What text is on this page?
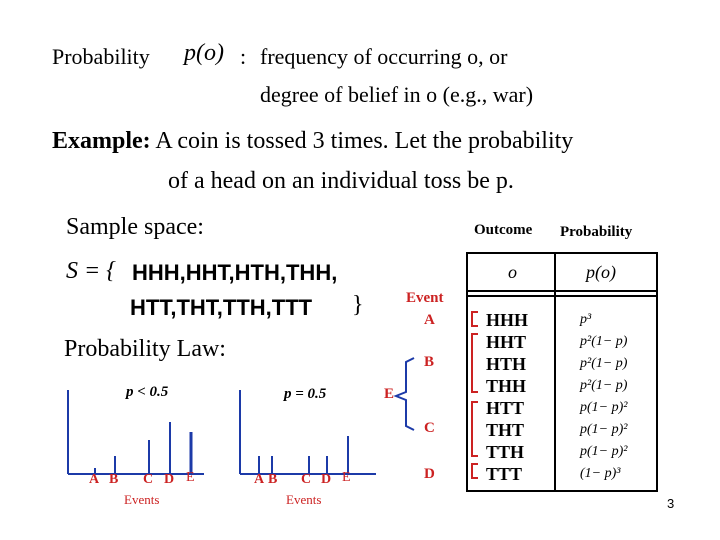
Probability p(o) : frequency of occurring o, or
degree of belief in o (e.g., war)
Example: A coin is tossed 3 times. Let the probability
of a head on an individual toss be p.
Sample space:
S = { HHH,HHT,HTH,THH,
HTT,THT,TTH,TTT }
Probability Law:
p < 0.5
A B C D E
Events
p = 0.5
A B C D E
Events
Outcome Probability
o	p(o)
HHH
HHT
HTH
THH
HTT
THT
TTH
TTT
p³
p²(1− p)
p²(1− p)
p²(1− p)
p(1− p)²
p(1− p)²
p(1− p)²
(1− p)³
Event
A
B
E
C
D
3
